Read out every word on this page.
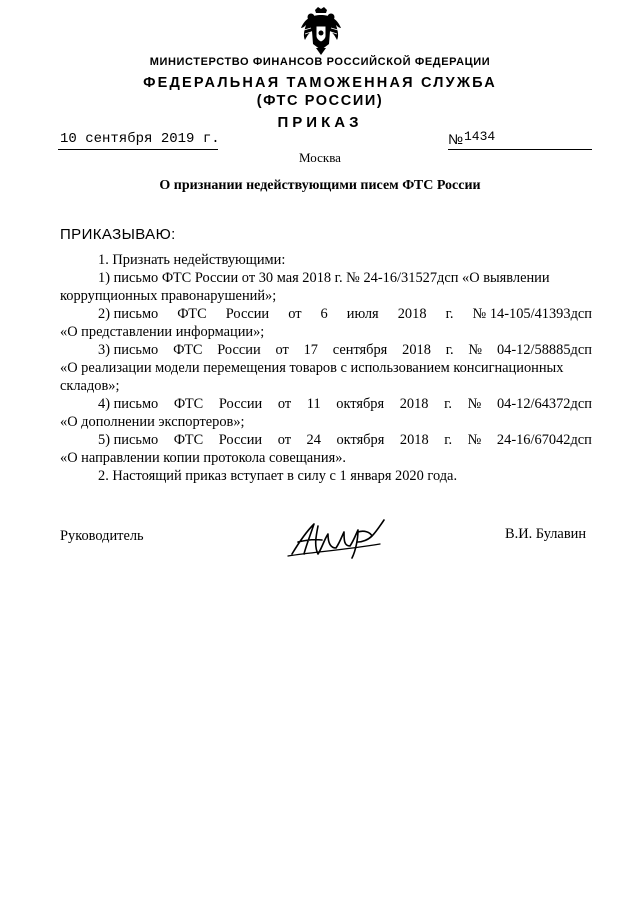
МИНИСТЕРСТВО ФИНАНСОВ РОССИЙСКОЙ ФЕДЕРАЦИИ
ФЕДЕРАЛЬНАЯ ТАМОЖЕННАЯ СЛУЖБА
(ФТС РОССИИ)
ПРИКАЗ
10 сентября 2019 г.	№ 1434
Москва
О признании недействующими писем ФТС России
ПРИКАЗЫВАЮ:
1. Признать недействующими:
1) письмо ФТС России от 30 мая 2018 г. № 24-16/31527дсп «О выявлении
коррупционных правонарушений»;
2) письмо ФТС России от 6 июля 2018 г. № 14-105/41393дсп
«О представлении информации»;
3) письмо ФТС России от 17 сентября 2018 г. № 04-12/58885дсп
«О реализации модели перемещения товаров с использованием консигнационных
складов»;
4) письмо ФТС России от 11 октября 2018 г. № 04-12/64372дсп
«О дополнении экспортеров»;
5) письмо ФТС России от 24 октября 2018 г. № 24-16/67042дсп
«О направлении копии протокола совещания».
2. Настоящий приказ вступает в силу с 1 января 2020 года.
Руководитель	В.И. Булавин
